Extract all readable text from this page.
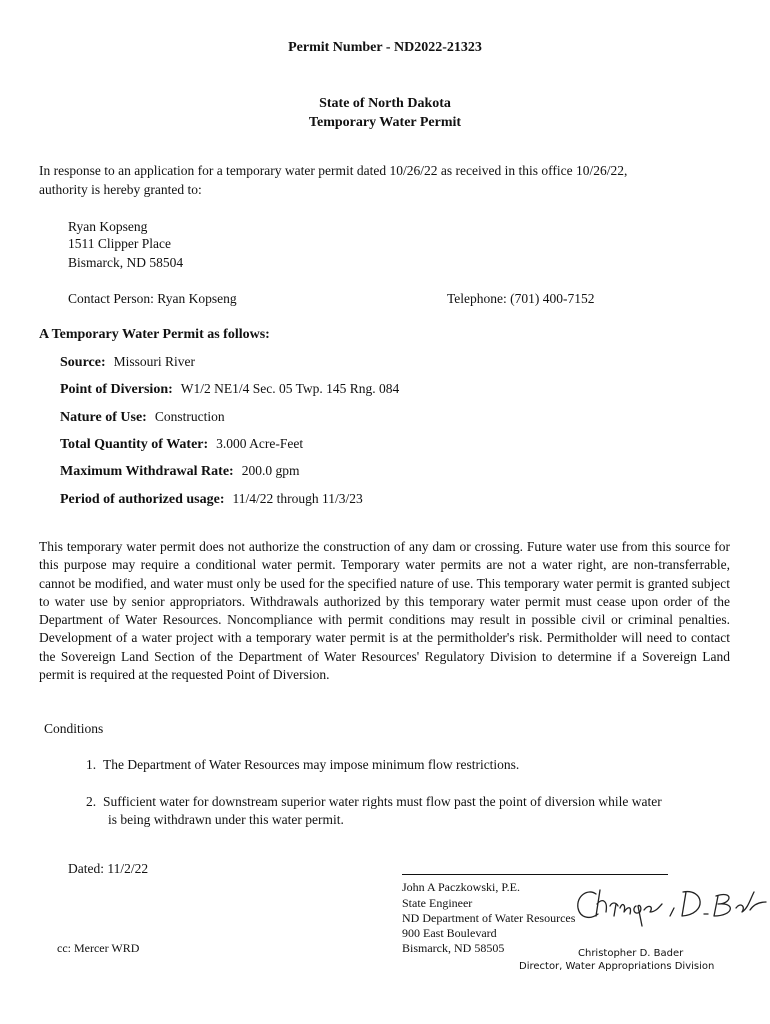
Permit Number - ND2022-21323
State of North Dakota
Temporary Water Permit
In response to an application for a temporary water permit dated 10/26/22 as received in this office 10/26/22,
authority is hereby granted to:
Ryan Kopseng
1511 Clipper Place
Bismarck, ND 58504
Contact Person: Ryan Kopseng	Telephone: (701) 400-7152
A Temporary Water Permit as follows:
Source: Missouri River
Point of Diversion: W1/2 NE1/4 Sec. 05 Twp. 145 Rng. 084
Nature of Use: Construction
Total Quantity of Water: 3.000 Acre-Feet
Maximum Withdrawal Rate: 200.0 gpm
Period of authorized usage: 11/4/22 through 11/3/23
This temporary water permit does not authorize the construction of any dam or crossing. Future water use from this source for this purpose may require a conditional water permit. Temporary water permits are not a water right, are non-transferrable, cannot be modified, and water must only be used for the specified nature of use. This temporary water permit is granted subject to water use by senior appropriators. Withdrawals authorized by this temporary water permit must cease upon order of the Department of Water Resources. Noncompliance with permit conditions may result in possible civil or criminal penalties. Development of a water project with a temporary water permit is at the permitholder's risk. Permitholder will need to contact the Sovereign Land Section of the Department of Water Resources' Regulatory Division to determine if a Sovereign Land permit is required at the requested Point of Diversion.
Conditions
1. The Department of Water Resources may impose minimum flow restrictions.
2. Sufficient water for downstream superior water rights must flow past the point of diversion while water
is being withdrawn under this water permit.
Dated: 11/2/22
cc: Mercer WRD
John A Paczkowski, P.E.
State Engineer
ND Department of Water Resources
900 East Boulevard
Bismarck, ND 58505	Christopher D. Bader
Director, Water Appropriations Division
